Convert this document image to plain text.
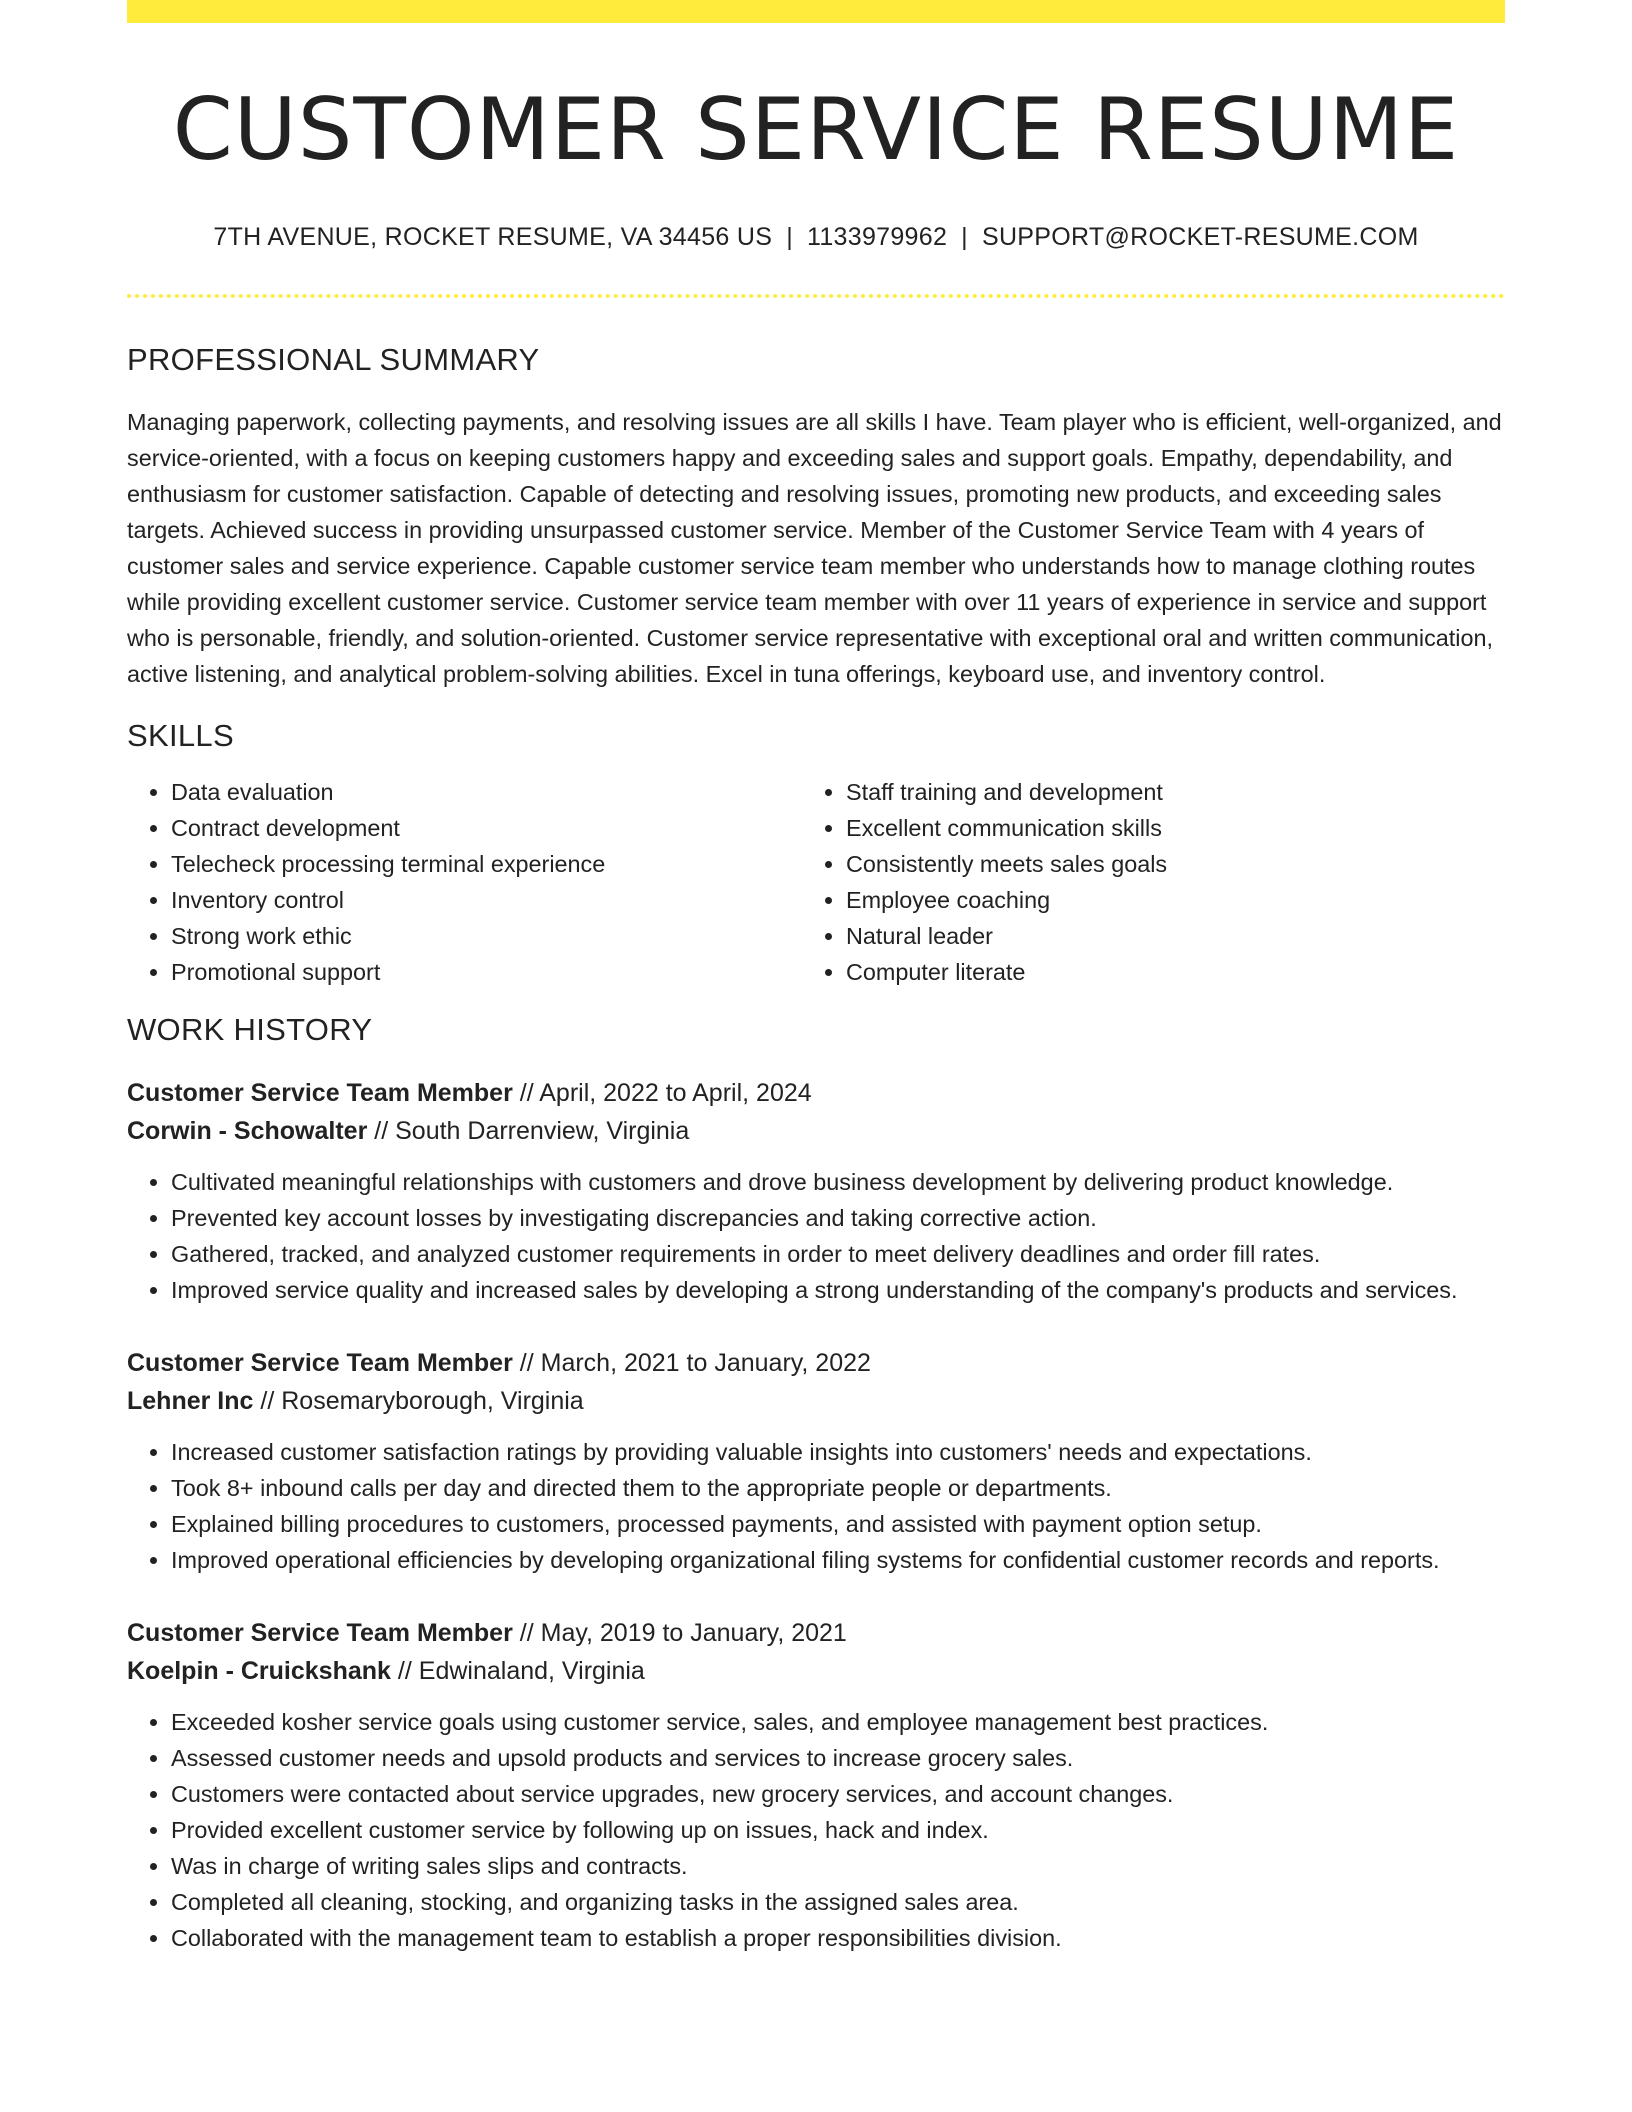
CUSTOMER SERVICE RESUME
7TH AVENUE, ROCKET RESUME, VA 34456 US | 1133979962 | SUPPORT@ROCKET-RESUME.COM
PROFESSIONAL SUMMARY
Managing paperwork, collecting payments, and resolving issues are all skills I have. Team player who is efficient, well-organized, and service-oriented, with a focus on keeping customers happy and exceeding sales and support goals. Empathy, dependability, and enthusiasm for customer satisfaction. Capable of detecting and resolving issues, promoting new products, and exceeding sales targets. Achieved success in providing unsurpassed customer service. Member of the Customer Service Team with 4 years of customer sales and service experience. Capable customer service team member who understands how to manage clothing routes while providing excellent customer service. Customer service team member with over 11 years of experience in service and support who is personable, friendly, and solution-oriented. Customer service representative with exceptional oral and written communication, active listening, and analytical problem-solving abilities. Excel in tuna offerings, keyboard use, and inventory control.
SKILLS
• Data evaluation
• Contract development
• Telecheck processing terminal experience
• Inventory control
• Strong work ethic
• Promotional support
• Staff training and development
• Excellent communication skills
• Consistently meets sales goals
• Employee coaching
• Natural leader
• Computer literate
WORK HISTORY
Customer Service Team Member // April, 2022 to April, 2024
Corwin - Schowalter // South Darrenview, Virginia
• Cultivated meaningful relationships with customers and drove business development by delivering product knowledge.
• Prevented key account losses by investigating discrepancies and taking corrective action.
• Gathered, tracked, and analyzed customer requirements in order to meet delivery deadlines and order fill rates.
• Improved service quality and increased sales by developing a strong understanding of the company's products and services.
Customer Service Team Member // March, 2021 to January, 2022
Lehner Inc // Rosemaryborough, Virginia
• Increased customer satisfaction ratings by providing valuable insights into customers' needs and expectations.
• Took 8+ inbound calls per day and directed them to the appropriate people or departments.
• Explained billing procedures to customers, processed payments, and assisted with payment option setup.
• Improved operational efficiencies by developing organizational filing systems for confidential customer records and reports.
Customer Service Team Member // May, 2019 to January, 2021
Koelpin - Cruickshank // Edwinaland, Virginia
• Exceeded kosher service goals using customer service, sales, and employee management best practices.
• Assessed customer needs and upsold products and services to increase grocery sales.
• Customers were contacted about service upgrades, new grocery services, and account changes.
• Provided excellent customer service by following up on issues, hack and index.
• Was in charge of writing sales slips and contracts.
• Completed all cleaning, stocking, and organizing tasks in the assigned sales area.
• Collaborated with the management team to establish a proper responsibilities division.
